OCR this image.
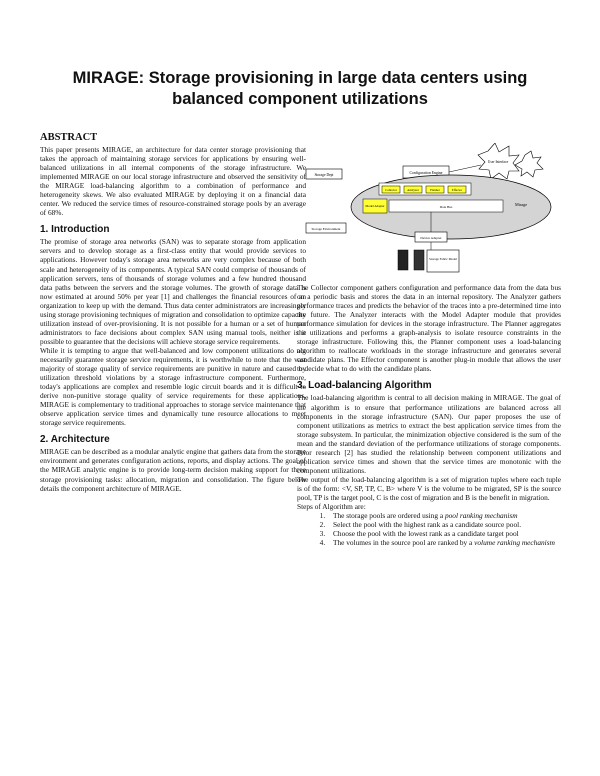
MIRAGE: Storage provisioning in large data centers using balanced component utilizations
ABSTRACT

This paper presents MIRAGE, an architecture for data center storage provisioning that takes the approach of maintaining storage services for applications by ensuring well-balanced utilizations in all internal components of the storage infrastructure. We implemented MIRAGE on our local storage infrastructure and observed the sensitivity of the MIRAGE load-balancing algorithm to a combination of performance and heterogeneity skews. We also evaluated MIRAGE by deploying it on a financial data center. We reduced the service times of resource-constrained storage pools by an average of 68%.

1. Introduction

The promise of storage area networks (SAN) was to separate storage from application servers and to develop storage as a first-class entity that would provide services to applications. However today's storage area networks are very complex because of both scale and heterogeneity of its components. A typical SAN could comprise of thousands of application servers, tens of thousands of storage volumes and a few hundred thousand data paths between the servers and the storage volumes. The growth of storage data is now estimated at around 50% per year [1] and challenges the financial resources of an organization to keep up with the demand. Thus data center administrators are increasingly using storage provisioning techniques of migration and consolidation to optimize capacity utilization instead of over-provisioning. It is not possible for a human or a set of human administrators to face decisions about complex SAN using manual tools, neither is it possible to guarantee that the decisions will achieve storage service requirements.

While it is tempting to argue that well-balanced and low component utilizations do not necessarily guarantee storage service requirements, it is worthwhile to note that the vast majority of storage quality of service requirements are punitive in nature and caused by utilization threshold violations by a storage infrastructure component. Furthermore, today's applications are complex and resemble logic circuit boards and it is difficult to derive non-punitive storage quality of service requirements for these applications. MIRAGE is complementary to traditional approaches to storage service maintenance that observe application service times and dynamically tune resource allocations to meet storage service requirements.

2. Architecture

MIRAGE can be described as a modular analytic engine that gathers data from the storage environment and generates configuration actions, reports, and display actions. The goal of the MIRAGE analytic engine is to provide long-term decision making support for three storage provisioning tasks: allocation, migration and consolidation. The figure below details the component architecture of MIRAGE.

User Interface
Configuration Engine
Storage Dept
Collector	Analyzer	Planner	Effector
Model Adapter	Data Bus	Mirage
Storage Environment
Device Adapter
Storage Fabric Model

The Collector component gathers configuration and performance data from the data bus on a periodic basis and stores the data in an internal repository. The Analyzer gathers performance traces and predicts the behavior of the traces into a pre-determined time into the future. The Analyzer interacts with the Model Adapter module that provides performance simulation for devices in the storage infrastructure. The Planner aggregates the utilizations and performs a graph-analysis to isolate resource constraints in the storage infrastructure. Following this, the Planner component uses a load-balancing algorithm to reallocate workloads in the storage infrastructure and generates several candidate plans. The Effector component is another plug-in module that allows the user to decide what to do with the candidate plans.

3. Load-balancing Algorithm

The load-balancing algorithm is central to all decision making in MIRAGE. The goal of the algorithm is to ensure that performance utilizations are balanced across all components in the storage infrastructure (SAN). Our paper proposes the use of component utilizations as metrics to extract the best application service times from the storage subsystem. In particular, the minimization objective considered is the sum of the mean and the standard deviation of the performance utilizations of storage components. Prior research [2] has studied the relationship between component utilizations and application service times and shown that the service times are monotonic with the component utilizations.

The output of the load-balancing algorithm is a set of migration tuples where each tuple is of the form: <V, SP, TP, C, B> where V is the volume to be migrated, SP is the source pool, TP is the target pool, C is the cost of migration and B is the benefit in migration.

Steps of Algorithm are:

1. The storage pools are ordered using a pool ranking mechanism
2. Select the pool with the highest rank as a candidate source pool.
3. Choose the pool with the lowest rank as a candidate target pool
4. The volumes in the source pool are ranked by a volume ranking mechanism
